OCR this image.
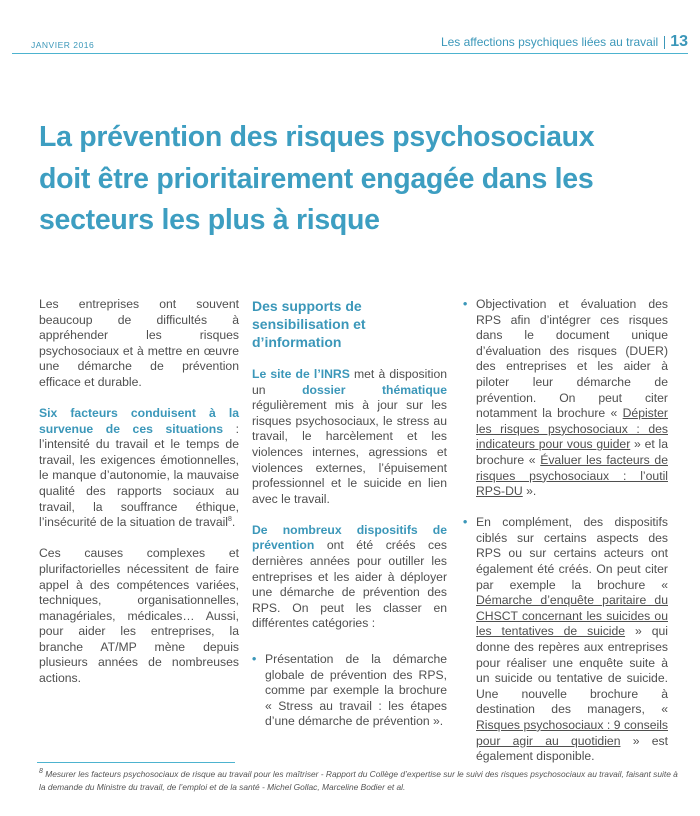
JANVIER 2016	Les affections psychiques liées au travail 13
La prévention des risques psychosociaux doit être prioritairement engagée dans les secteurs les plus à risque

Les entreprises ont souvent beaucoup de difficultés à appréhender les risques psychosociaux et à mettre en œuvre une démarche de prévention efficace et durable.

Six facteurs conduisent à la survenue de ces situations : l’intensité du travail et le temps de travail, les exigences émotionnelles, le manque d’autonomie, la mauvaise qualité des rapports sociaux au travail, la souffrance éthique, l’insécurité de la situation de travail$^8$.

Ces causes complexes et plurifactorielles nécessitent de faire appel à des compétences variées, techniques, organisationnelles, managériales, médicales… Aussi, pour aider les entreprises, la branche AT/MP mène depuis plusieurs années de nombreuses actions.

Des supports de sensibilisation et d’information

Le site de l’INRS met à disposition un dossier thématique régulièrement mis à jour sur les risques psychosociaux, le stress au travail, le harcèlement et les violences internes, agressions et violences externes, l’épuisement professionnel et le suicide en lien avec le travail.

De nombreux dispositifs de prévention ont été créés ces dernières années pour outiller les entreprises et les aider à déployer une démarche de prévention des RPS. On peut les classer en différentes catégories :

• Présentation de la démarche globale de prévention des RPS, comme par exemple la brochure « Stress au travail : les étapes d’une démarche de prévention ».
• Objectivation et évaluation des RPS afin d’intégrer ces risques dans le document unique d’évaluation des risques (DUER) des entreprises et les aider à piloter leur démarche de prévention. On peut citer notamment la brochure « Dépister les risques psychosociaux : des indicateurs pour vous guider » et la brochure « Évaluer les facteurs de risques psychosociaux : l’outil RPS-DU ».
• En complément, des dispositifs ciblés sur certains aspects des RPS ou sur certains acteurs ont également été créés. On peut citer par exemple la brochure « Démarche d’enquête paritaire du CHSCT concernant les suicides ou les tentatives de suicide » qui donne des repères aux entreprises pour réaliser une enquête suite à un suicide ou tentative de suicide. Une nouvelle brochure à destination des managers, « Risques psychosociaux : 9 conseils pour agir au quotidien » est également disponible.

$^8$ Mesurer les facteurs psychosociaux de risque au travail pour les maîtriser - Rapport du Collège d’expertise sur le suivi des risques psychosociaux au travail, faisant suite à la demande du Ministre du travail, de l’emploi et de la santé - Michel Gollac, Marceline Bodier et al.
